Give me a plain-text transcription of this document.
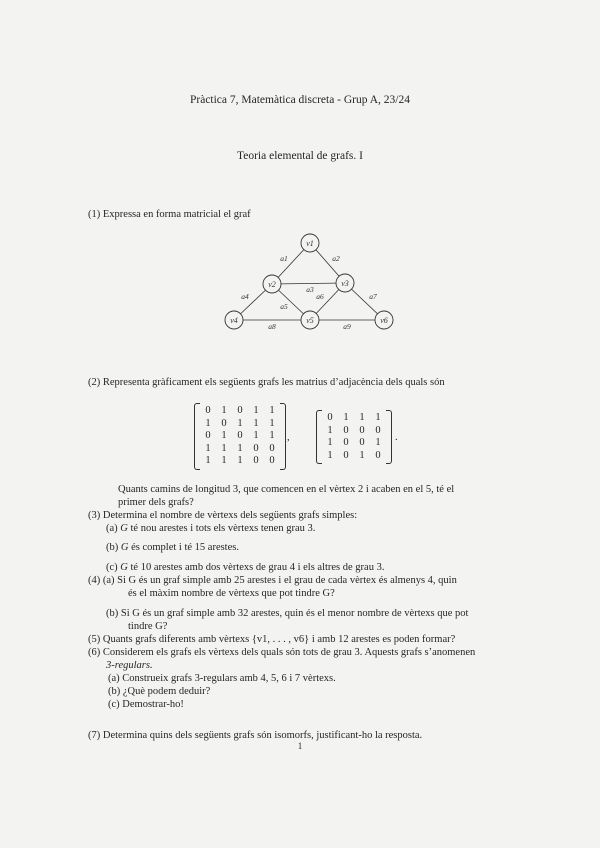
Pràctica 7, Matemàtica discreta - Grup A, 23/24
Teoria elemental de grafs. I
(1) Expressa en forma matricial el graf
v1
v2	v3
v4	v5	v6
a1	a2
a3
a4
a5
a6	a7
a8	a9
(2) Representa gràficament els següents grafs les matrius d’adjacència dels quals són
0	1	0	1	1
1	0	1	1	1
0	1	0	1	1
1	1	1	0	0
1	1	1	0	0
,
0	1	1	1
1	0	0	0
1	0	0	1
1	0	1	0
.
Quants camins de longitud 3, que comencen en el vèrtex 2 i acaben en el 5, té el
primer dels grafs?
(3) Determina el nombre de vèrtexs dels següents grafs simples:
(a) G té nou arestes i tots els vèrtexs tenen grau 3.
(b) G és complet i té 15 arestes.
(c) G té 10 arestes amb dos vèrtexs de grau 4 i els altres de grau 3.
(4) (a) Si G és un graf simple amb 25 arestes i el grau de cada vèrtex és almenys 4, quin
és el màxim nombre de vèrtexs que pot tindre G?
(b) Si G és un graf simple amb 32 arestes, quin és el menor nombre de vèrtexs que pot
tindre G?
(5) Quants grafs diferents amb vèrtexs {v1, . . . , v6} i amb 12 arestes es poden formar?
(6) Considerem els grafs els vèrtexs dels quals són tots de grau 3. Aquests grafs s’anomenen
3-regulars.
(a) Construeix grafs 3-regulars amb 4, 5, 6 i 7 vèrtexs.
(b) ¿Què podem deduir?
(c) Demostrar-ho!
(7) Determina quins dels següents grafs són isomorfs, justificant-ho la resposta.
1
